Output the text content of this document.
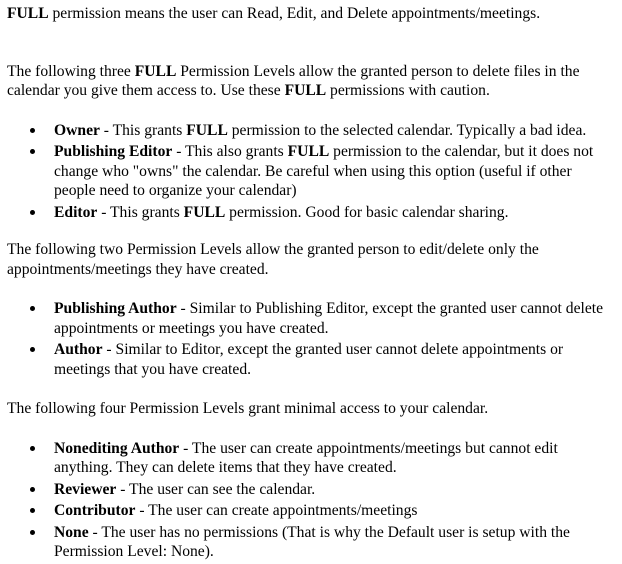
FULL permission means the user can Read, Edit, and Delete appointments/meetings.

The following three FULL Permission Levels allow the granted person to delete files in the calendar you give them access to. Use these FULL permissions with caution.

Owner - This grants FULL permission to the selected calendar. Typically a bad idea.
Publishing Editor - This also grants FULL permission to the calendar, but it does not change who "owns" the calendar. Be careful when using this option (useful if other people need to organize your calendar)
Editor - This grants FULL permission. Good for basic calendar sharing.

The following two Permission Levels allow the granted person to edit/delete only the appointments/meetings they have created.

Publishing Author - Similar to Publishing Editor, except the granted user cannot delete appointments or meetings you have created.
Author - Similar to Editor, except the granted user cannot delete appointments or meetings that you have created.

The following four Permission Levels grant minimal access to your calendar.

Nonediting Author - The user can create appointments/meetings but cannot edit anything. They can delete items that they have created.
Reviewer - The user can see the calendar.
Contributor - The user can create appointments/meetings
None - The user has no permissions (That is why the Default user is setup with the Permission Level: None).
